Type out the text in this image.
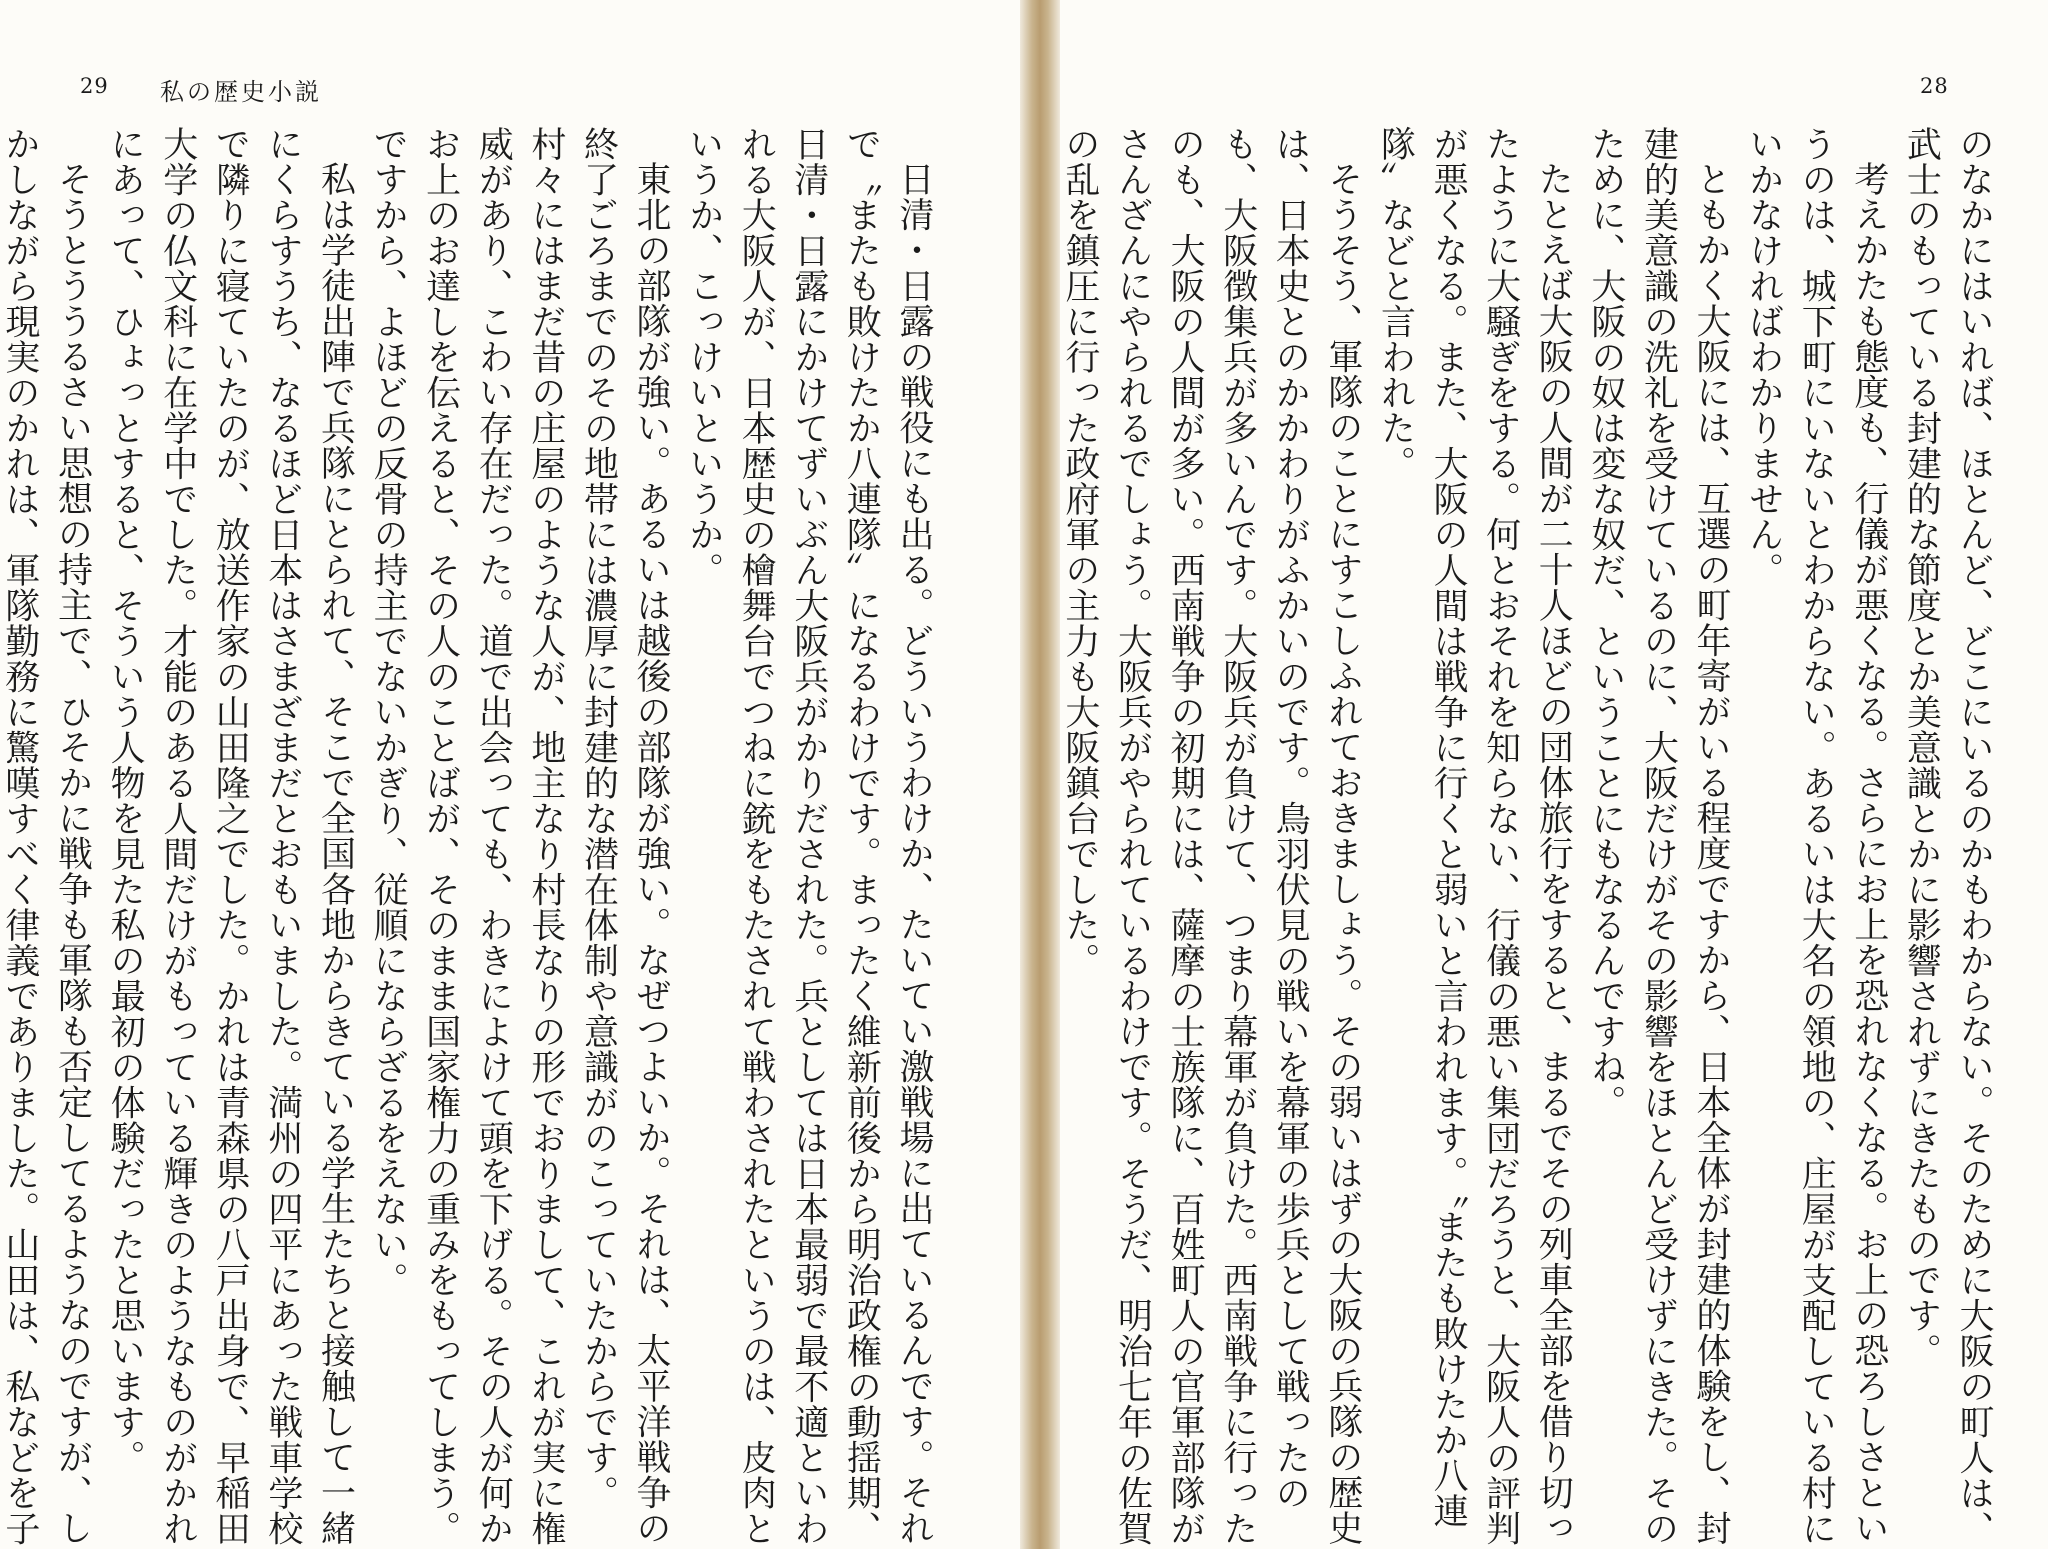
29 私の歴史小説

日清・日露の戦役にも出る。どういうわけか、たいてい激戦場に出ているんです。それで〝またも敗けたか八連隊〟になるわけです。まったく維新前後から明治政権の動揺期、日清・日露にかけてずいぶん大阪兵がかりだされた。兵としては日本最弱で最不適といわれる大阪人が、日本歴史の檜舞台でつねに銃をもたされて戦わされたというのは、皮肉というか、こっけいというか。

東北の部隊が強い。あるいは越後の部隊が強い。なぜつよいか。それは、太平洋戦争の終了ごろまでのその地帯には濃厚に封建的な潜在体制や意識がのこっていたからです。村々にはまだ昔の庄屋のような人が、地主なり村長なりの形でおりまして、これが実に権威があり、こわい存在だった。道で出会っても、わきによけて頭を下げる。その人が何かお上のお達しを伝えると、その人のことばが、そのまま国家権力の重みをもってしまう。ですから、よほどの反骨の持主でないかぎり、従順にならざるをえない。

私は学徒出陣で兵隊にとられて、そこで全国各地からきている学生たちと接触して一緒にくらすうち、なるほど日本はさまざまだとおもいました。満州の四平にあった戦車学校で隣りに寝ていたのが、放送作家の山田隆之でした。かれは青森県の八戸出身で、早稲田大学の仏文科に在学中でした。才能のある人間だけがもっている輝きのようなものがかれにあって、ひょっとすると、そういう人物を見た私の最初の体験だったと思います。

そうとううるさい思想の持主で、ひそかに戦争も軍隊も否定してるようなのですが、しかしながら現実のかれは、軍隊勤務に驚嘆すべく律義でありました。山田は、私などを子

28

のなかにはいれば、ほとんど、どこにいるのかもわからない。そのために大阪の町人は、武士のもっている封建的な節度とか美意識とかに影響されずにきたものです。

考えかたも態度も、行儀が悪くなる。さらにお上を恐れなくなる。お上の恐ろしさというのは、城下町にいないとわからない。あるいは大名の領地の、庄屋が支配している村にいかなければわかりません。

ともかく大阪には、互選の町年寄がいる程度ですから、日本全体が封建的体験をし、封建的美意識の洗礼を受けているのに、大阪だけがその影響をほとんど受けずにきた。そのために、大阪の奴は変な奴だ、ということにもなるんですね。

たとえば大阪の人間が二十人ほどの団体旅行をすると、まるでその列車全部を借り切ったように大騒ぎをする。何とおそれを知らない、行儀の悪い集団だろうと、大阪人の評判が悪くなる。また、大阪の人間は戦争に行くと弱いと言われます。〝またも敗けたか八連隊〟などと言われた。

そうそう、軍隊のことにすこしふれておきましょう。その弱いはずの大阪の兵隊の歴史は、日本史とのかかわりがふかいのです。鳥羽伏見の戦いを幕軍の歩兵として戦ったのも、大阪徴集兵が多いんです。大阪兵が負けて、つまり幕軍が負けた。西南戦争に行ったのも、大阪の人間が多い。西南戦争の初期には、薩摩の士族隊に、百姓町人の官軍部隊がさんざんにやられるでしょう。大阪兵がやられているわけです。そうだ、明治七年の佐賀の乱を鎮圧に行った政府軍の主力も大阪鎮台でした。
